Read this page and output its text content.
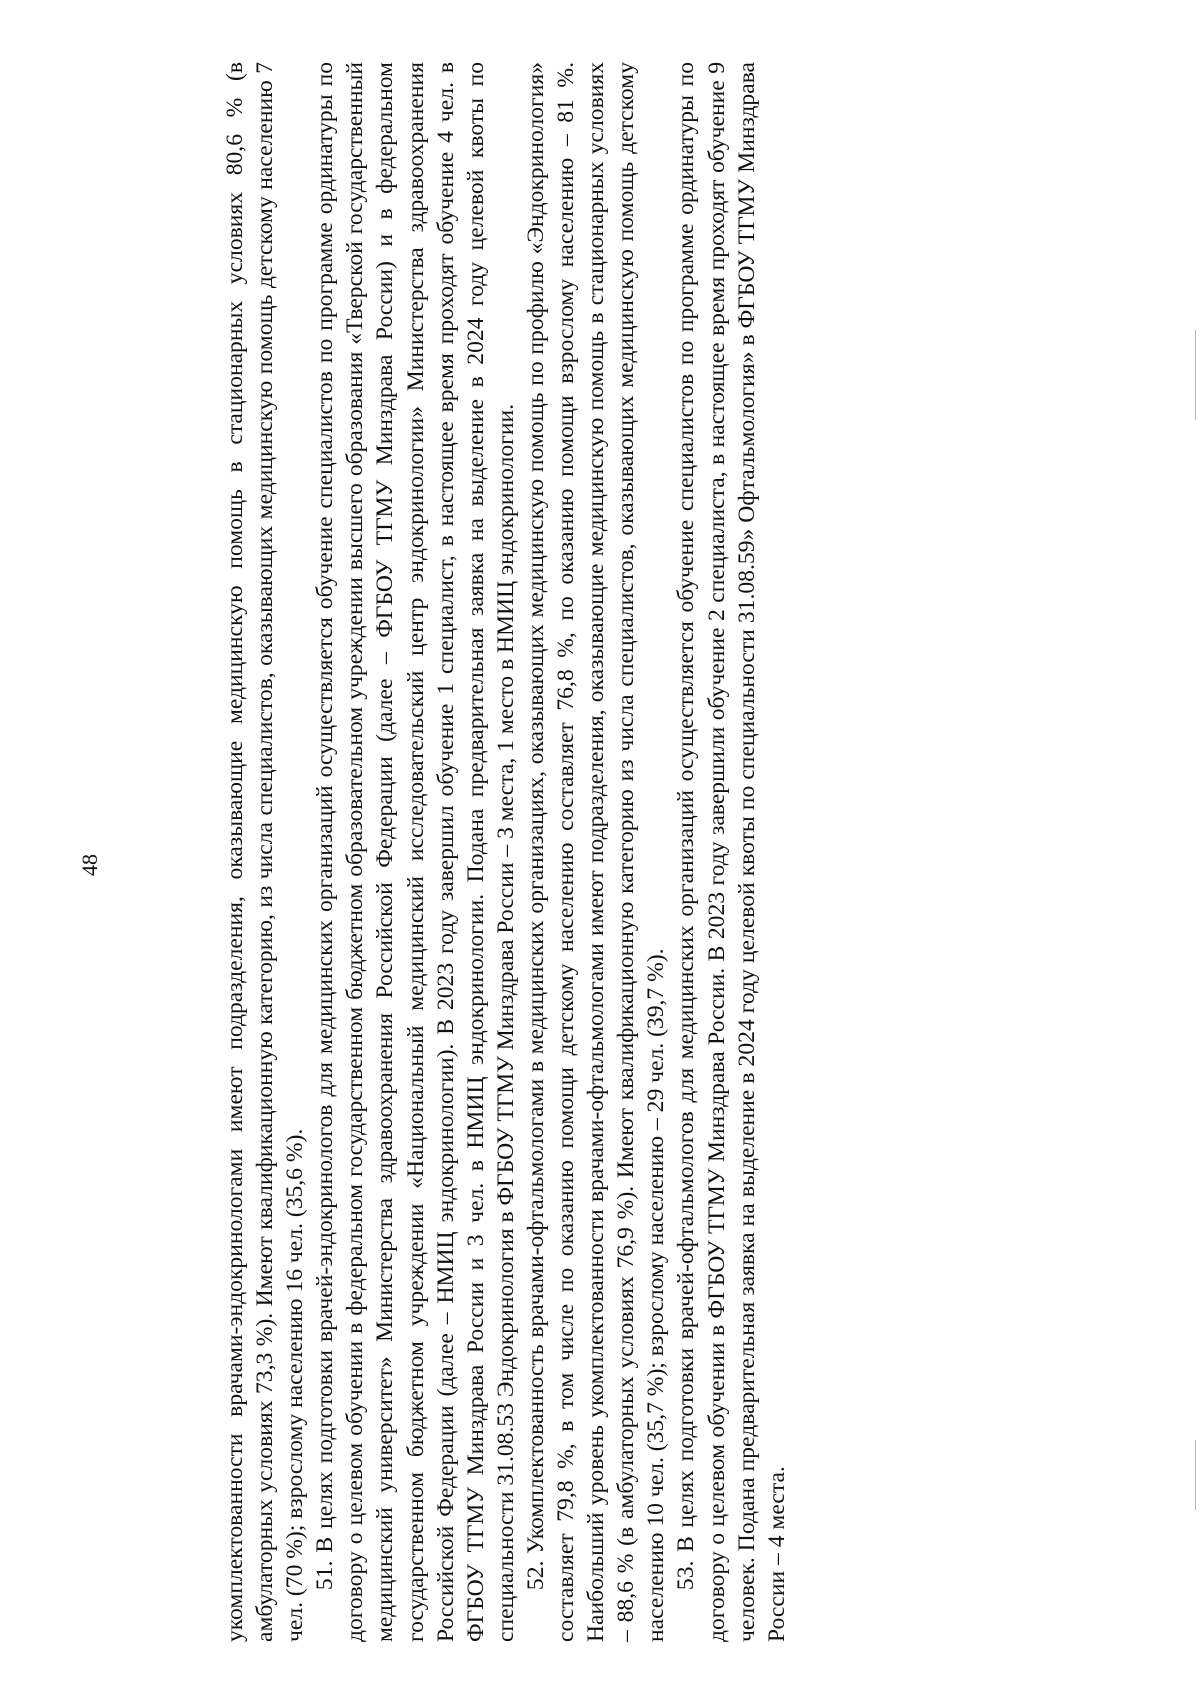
48	укомплектованности врачами-эндокринологами имеют подразделения, оказывающие медицинскую помощь в стационарных условиях 80,6 % (в амбулаторных условиях 73,3 %). Имеют квалификационную категорию, из числа специалистов, оказывающих медицинскую помощь детскому населению 7 чел. (70 %); взрослому населению 16 чел. (35,6 %). 51. В целях подготовки врачей-эндокринологов для медицинских организаций осуществляется обучение специалистов по программе ординатуры по договору о целевом обучении в федеральном государственном бюджетном образовательном учреждении высшего образования «Тверской государственный медицинский университет» Министерства здравоохранения Российской Федерации (далее – ФГБОУ ТГМУ Минздрава России) и в федеральном государственном бюджетном учреждении «Национальный медицинский исследовательский центр эндокринологии» Министерства здравоохранения Российской Федерации (далее – НМИЦ эндокринологии). В 2023 году завершил обучение 1 специалист, в настоящее время проходят обучение 4 чел. в ФГБОУ ТГМУ Минздрава России и 3 чел. в НМИЦ эндокринологии. Подана предварительная заявка на выделение в 2024 году целевой квоты по специальности 31.08.53 Эндокринология в ФГБОУ ТГМУ Минздрава России – 3 места, 1 место в НМИЦ эндокринологии. 52. Укомплектованность врачами-офтальмологами в медицинских организациях, оказывающих медицинскую помощь по профилю «Эндокринология» составляет 79,8 %, в том числе по оказанию помощи детскому населению составляет 76,8 %, по оказанию помощи взрослому населению – 81 %. Наибольший уровень укомплектованности врачами-офтальмологами имеют подразделения, оказывающие медицинскую помощь в стационарных условиях – 88,6 % (в амбулаторных условиях 76,9 %). Имеют квалификационную категорию из числа специалистов, оказывающих медицинскую помощь детскому населению 10 чел. (35,7 %); взрослому населению – 29 чел. (39,7 %). 53. В целях подготовки врачей-офтальмологов для медицинских организаций осуществляется обучение специалистов по программе ординатуры по договору о целевом обучении в ФГБОУ ТГМУ Минздрава России. В 2023 году завершили обучение 2 специалиста, в настоящее время проходят обучение 9 человек. Подана предварительная заявка на выделение в 2024 году целевой квоты по специальности 31.08.59» Офтальмология» в ФГБОУ ТГМУ Минздрава России – 4 места.
